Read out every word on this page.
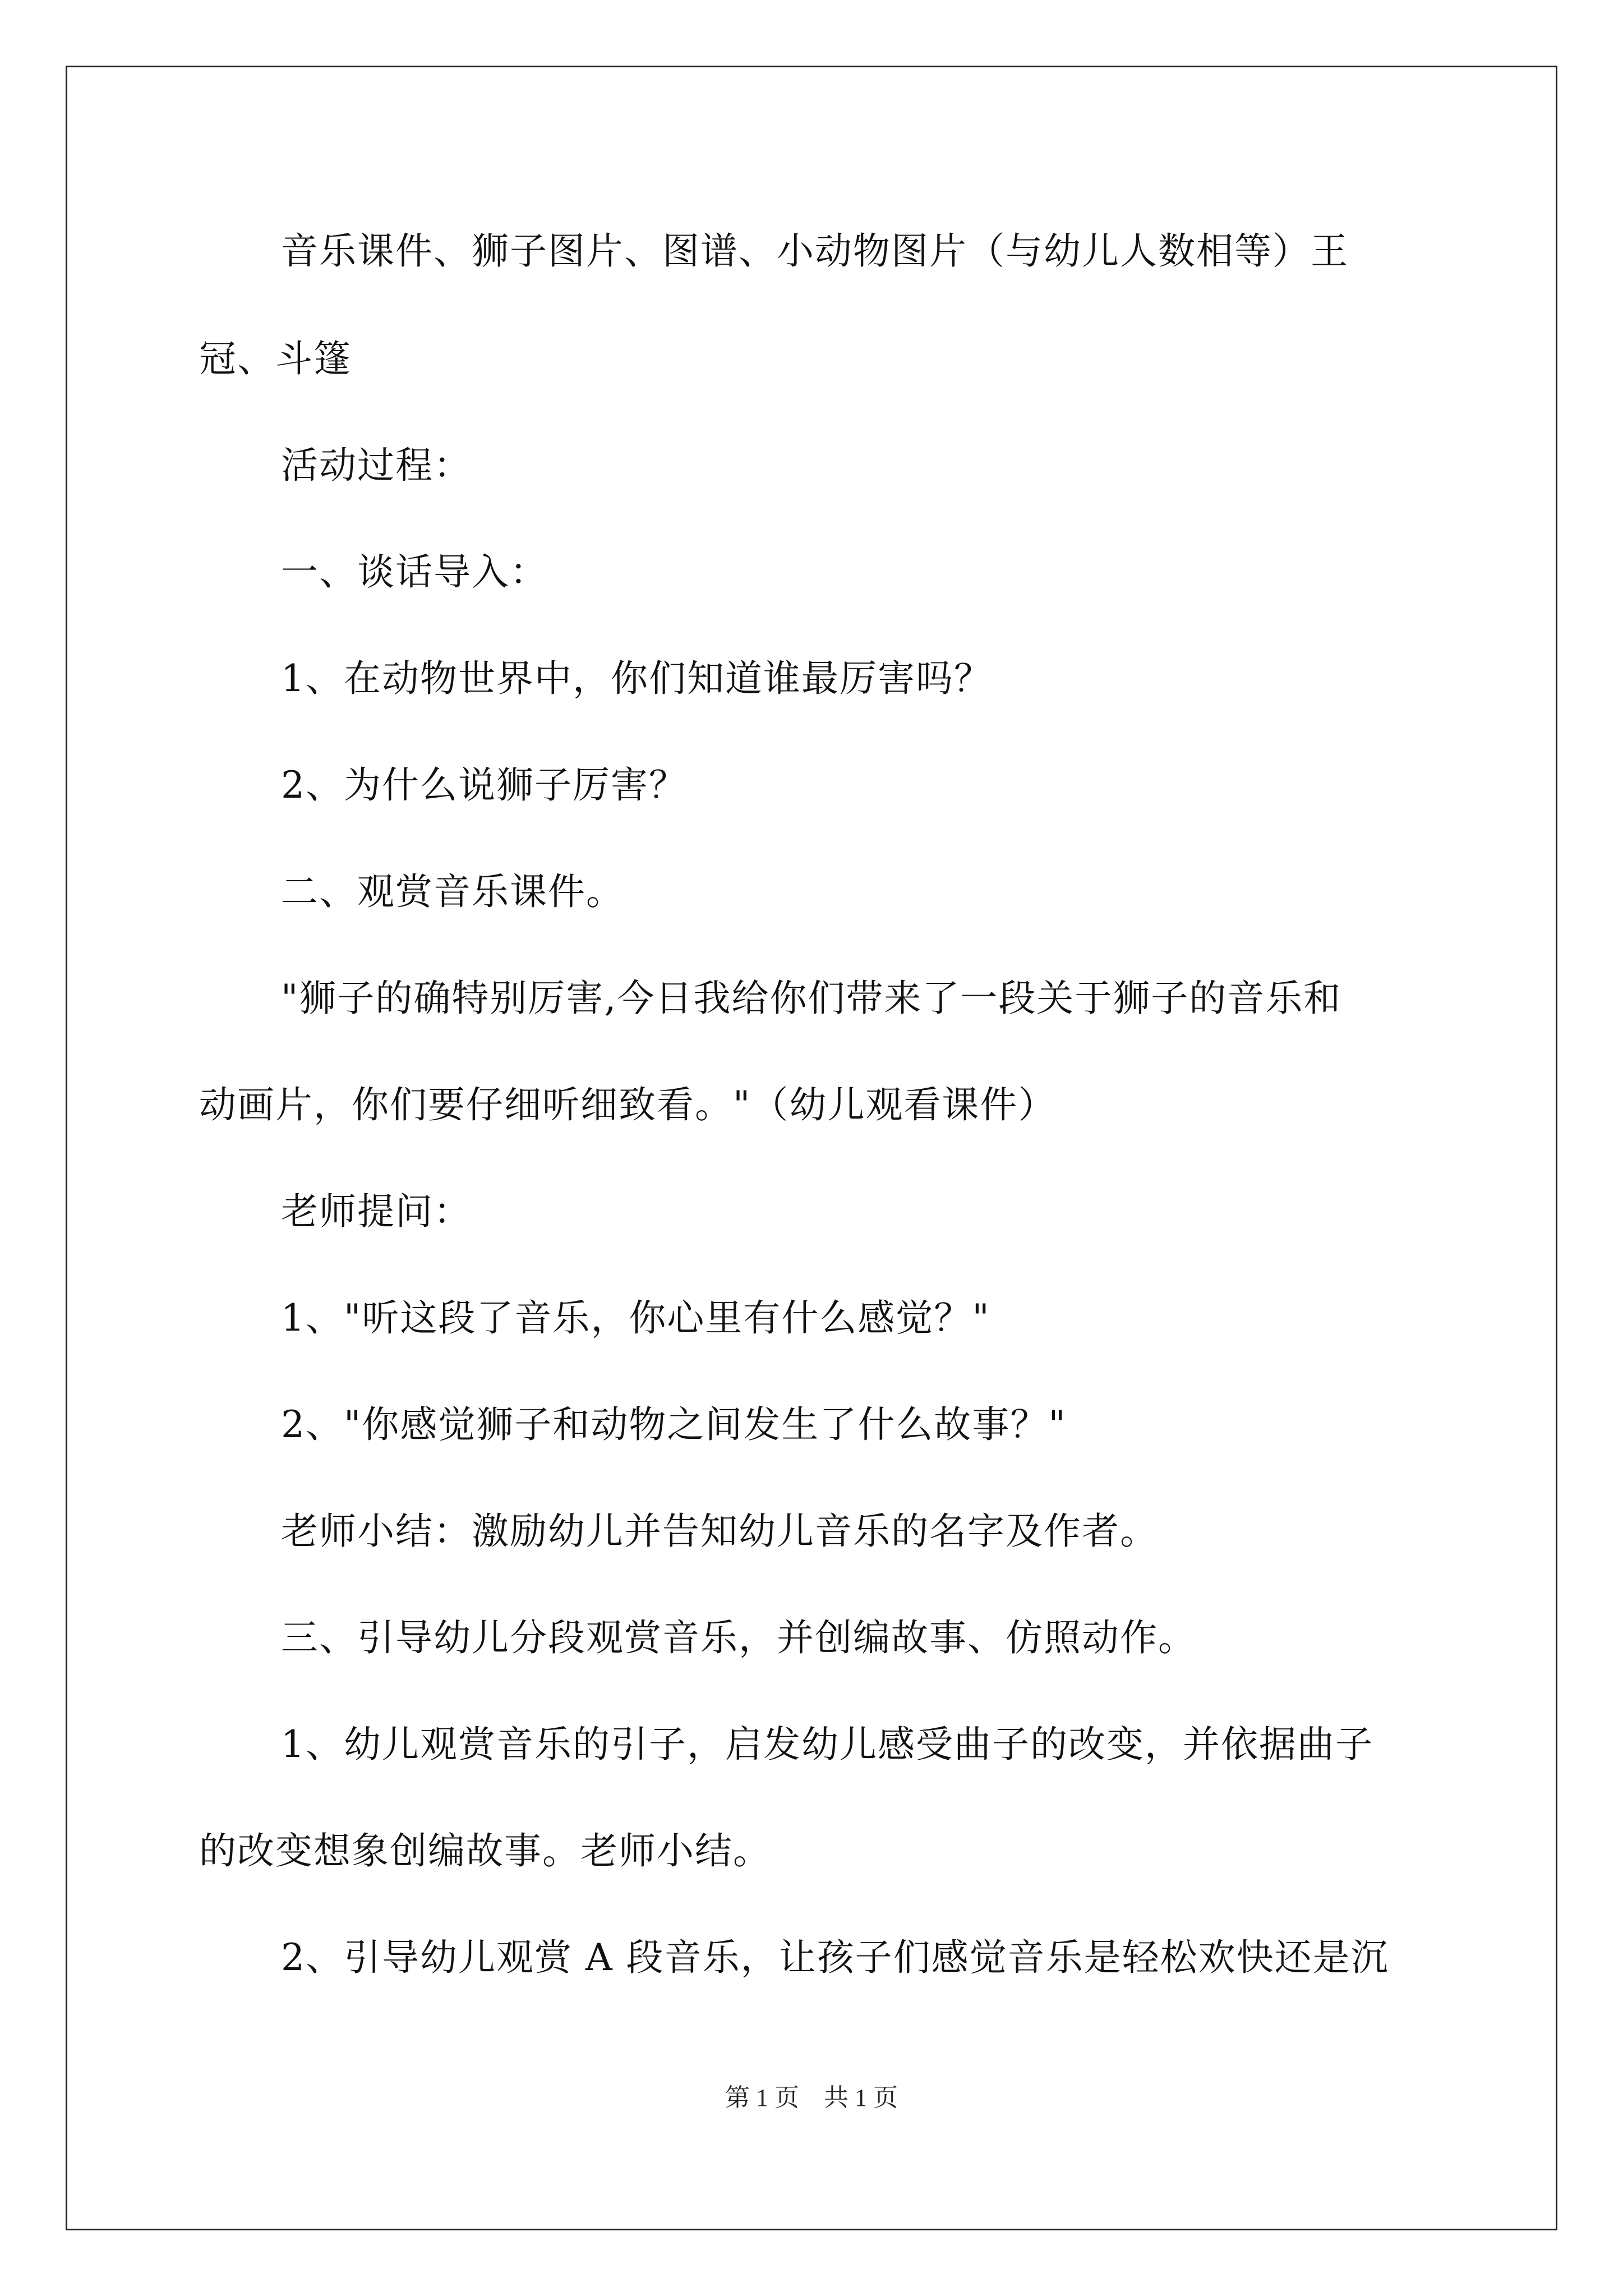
音乐课件、狮子图片、图谱、小动物图片（与幼儿人数相等）王
冠、斗篷
活动过程：
一、谈话导入：
1、在动物世界中，你们知道谁最厉害吗？
2、为什么说狮子厉害？
二、观赏音乐课件。
"狮子的确特别厉害,今日我给你们带来了一段关于狮子的音乐和
动画片，你们要仔细听细致看。"（幼儿观看课件）
老师提问：
1、"听这段了音乐，你心里有什么感觉？"
2、"你感觉狮子和动物之间发生了什么故事？"
老师小结：激励幼儿并告知幼儿音乐的名字及作者。
三、引导幼儿分段观赏音乐，并创编故事、仿照动作。
1、幼儿观赏音乐的引子，启发幼儿感受曲子的改变，并依据曲子
的改变想象创编故事。老师小结。
2、引导幼儿观赏 A 段音乐，让孩子们感觉音乐是轻松欢快还是沉
第 1 页　共 1 页
